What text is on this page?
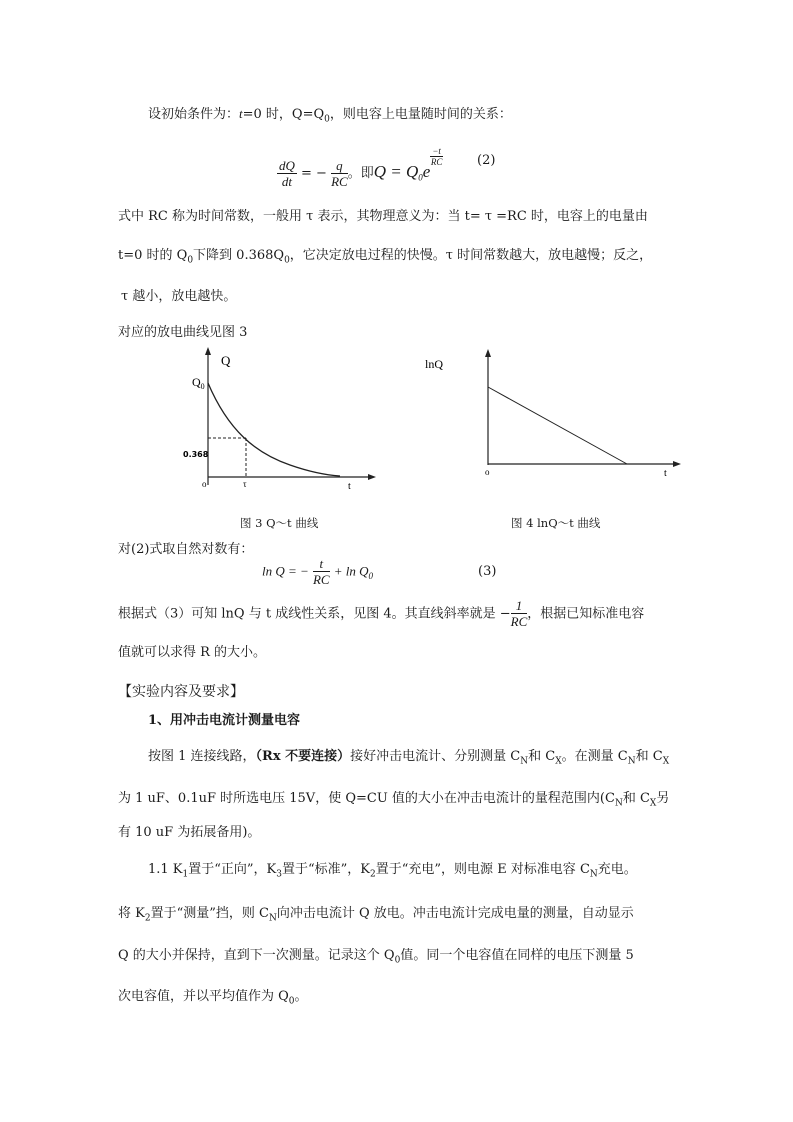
设初始条件为：t=0 时，$Q=Q_0$，则电容上电量随时间的关系：
$\frac{dQ}{dt}$ = − $\frac{q}{RC}$ 。即$Q = Q_0e$
$\frac{-t}{RC}$	(2)
式中 RC 称为时间常数，一般用 τ 表示，其物理意义为：当 t= τ =RC 时，电容上的电量由
t=0 时的 $Q_0$下降到 $0.368Q_0$，它决定放电过程的快慢。τ 时间常数越大，放电越慢；反之，
τ 越小，放电越快。
对应的放电曲线见图 3
Q
$Q_0$
0.368
o	τ	t
lnQ
o	t
图 3 Q～t 曲线	图 4 lnQ～t 曲线
对(2)式取自然对数有：
ln Q = − $\frac{t}{RC} + \ln Q_0$	(3)
根据式（3）可知 lnQ 与 t 成线性关系，见图 4。其直线斜率就是 − $\frac{1}{RC}$ ，根据已知标准电容
值就可以求得 R 的大小。
【实验内容及要求】
1、用冲击电流计测量电容
按图 1 连接线路，（Rx 不要连接）接好冲击电流计、分别测量 $C_N$和 $C_X$。在测量 $C_N$和 $C_X$
为 1 uF、0.1uF 时所选电压 15V，使 Q=CU 值的大小在冲击电流计的量程范围内($C_N$和 $C_X$另
有 10 uF 为拓展备用)。
1.1 $K_1$置于“正向”，$K_3$置于“标准”，$K_2$置于“充电”，则电源 E 对标准电容 $C_N$充电。
将 $K_2$置于“测量”挡，则 $C_N$向冲击电流计 Q 放电。冲击电流计完成电量的测量，自动显示
Q 的大小并保持，直到下一次测量。记录这个 $Q_0$值。同一个电容值在同样的电压下测量 5
次电容值，并以平均值作为 $Q_0$。
